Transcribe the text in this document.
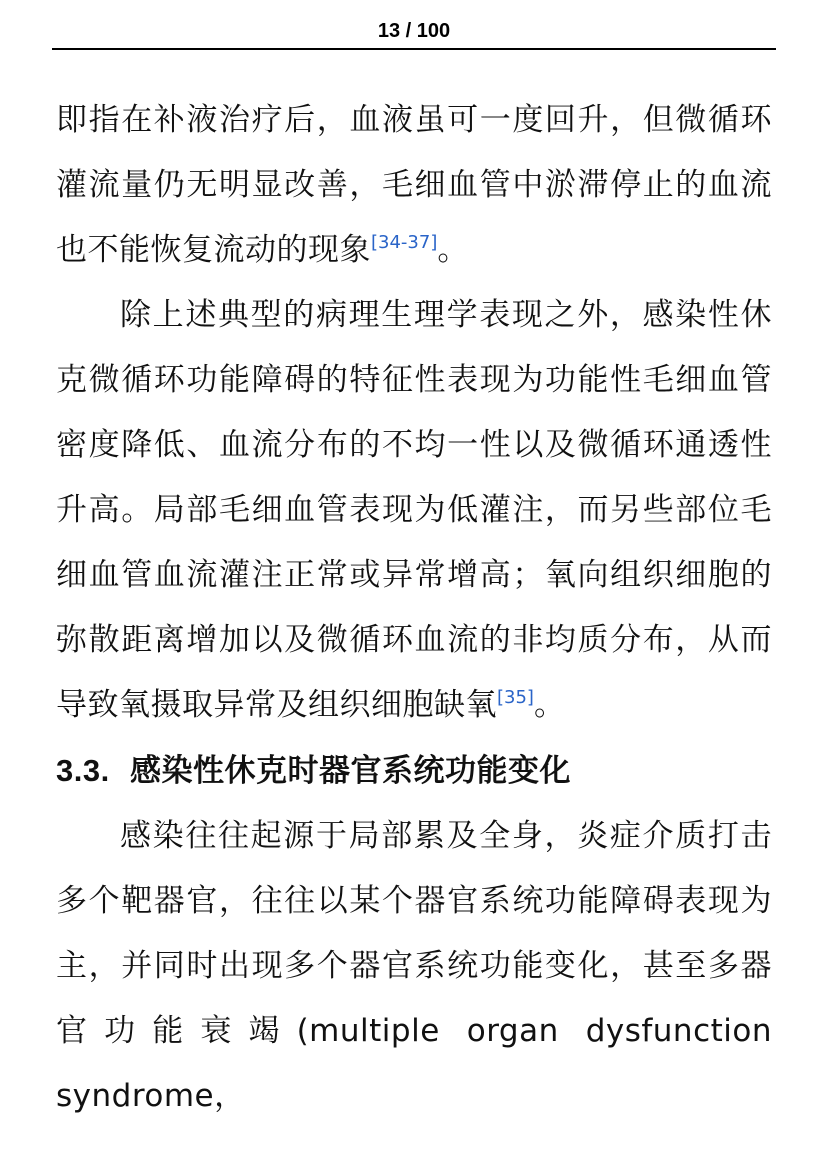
13 / 100

即指在补液治疗后，血液虽可一度回升，但微循环灌流量仍无明显改善，毛细血管中淤滞停止的血流也不能恢复流动的现象[34-37]。

除上述典型的病理生理学表现之外，感染性休克微循环功能障碍的特征性表现为功能性毛细血管密度降低、血流分布的不均一性以及微循环通透性升高。局部毛细血管表现为低灌注，而另些部位毛细血管血流灌注正常或异常增高；氧向组织细胞的弥散距离增加以及微循环血流的非均质分布，从而导致氧摄取异常及组织细胞缺氧[35]。

3.3. 感染性休克时器官系统功能变化

感染往往起源于局部累及全身，炎症介质打击多个靶器官，往往以某个器官系统功能障碍表现为主，并同时出现多个器官系统功能变化，甚至多器官功能衰竭(multiple organ dysfunction syndrome，
